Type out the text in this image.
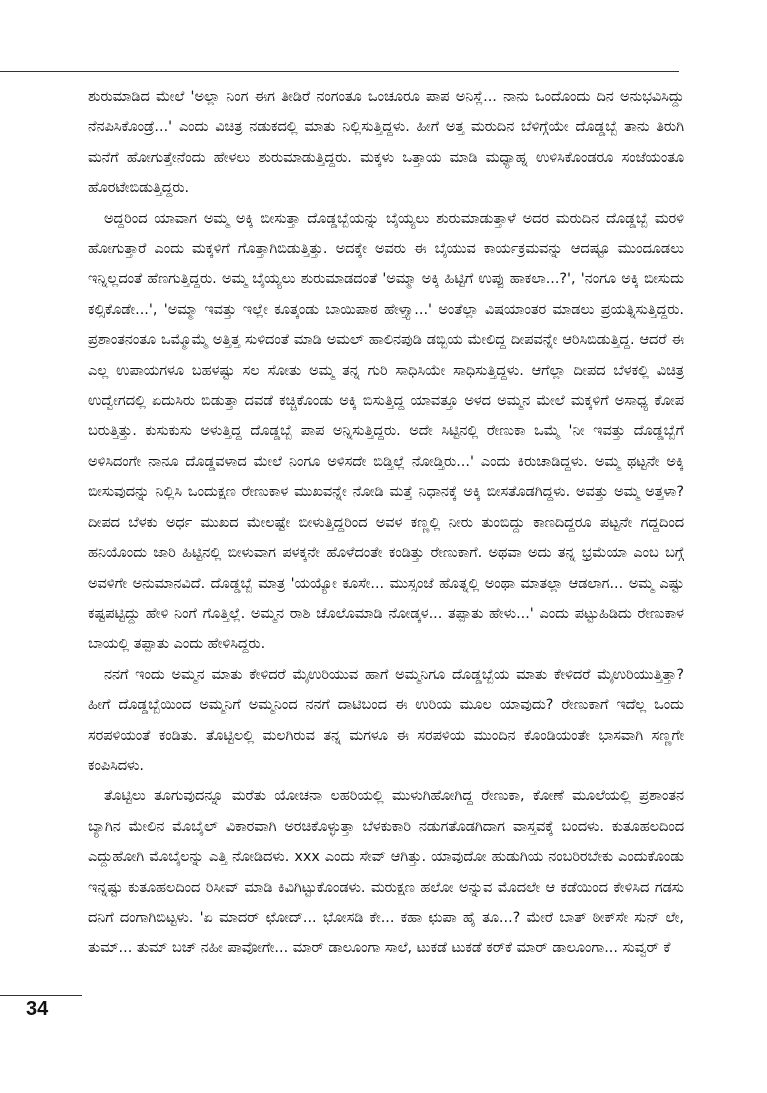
ಶುರುಮಾಡಿದ ಮೇಲೆ 'ಅಲ್ಲಾ ನಿಂಗ ಈಗ ತೀಡಿರೆ ನಂಗಂತೂ ಒಂಚೂರೂ ಪಾಪ ಅನಿಸ್ಲೆ... ನಾನು ಒಂದೊಂದು ದಿನ ಅನುಭವಿಸಿದ್ದು ನೆನಪಿಸಿಕೊಂಡ್ರೆ...' ಎಂದು ವಿಚಿತ್ರ ನಡುಕದಲ್ಲಿ ಮಾತು ನಿಲ್ಲಿಸುತ್ತಿದ್ದಳು. ಹೀಗೆ ಅತ್ತ ಮರುದಿನ ಬೆಳಿಗ್ಗೆಯೇ ದೊಡ್ಡಬ್ಬೆ ತಾನು ತಿರುಗಿ ಮನೆಗೆ ಹೋಗುತ್ತೇನೆಂದು ಹೇಳಲು ಶುರುಮಾಡುತ್ತಿದ್ದರು. ಮಕ್ಕಳು ಒತ್ತಾಯ ಮಾಡಿ ಮಧ್ಯಾಹ್ನ ಉಳಿಸಿಕೊಂಡರೂ ಸಂಜೆಯಂತೂ ಹೊರಟೇಬಿಡುತ್ತಿದ್ದರು.

ಅದ್ದರಿಂದ ಯಾವಾಗ ಅಮ್ಮ ಅಕ್ಕಿ ಬೀಸುತ್ತಾ ದೊಡ್ಡಬ್ಬೆಯನ್ನು ಬೈಯ್ಯಲು ಶುರುಮಾಡುತ್ತಾಳೆ ಅದರ ಮರುದಿನ ದೊಡ್ಡಬ್ಬೆ ಮರಳಿ ಹೋಗುತ್ತಾರೆ ಎಂದು ಮಕ್ಕಳಿಗೆ ಗೊತ್ತಾಗಿಬಿಡುತ್ತಿತ್ತು. ಅದಕ್ಕೇ ಅವರು ಈ ಬೈಯುವ ಕಾರ್ಯಕ್ರಮವನ್ನು ಆದಷ್ಟೂ ಮುಂದೂಡಲು ಇನ್ನಿಲ್ಲದಂತೆ ಹೆಣಗುತ್ತಿದ್ದರು. ಅಮ್ಮ ಬೈಯ್ಯಲು ಶುರುಮಾಡದಂತೆ 'ಅಮ್ಮಾ ಅಕ್ಕಿ ಹಿಟ್ಟಿಗೆ ಉಪ್ಪು ಹಾಕಲಾ...?', 'ನಂಗೂ ಅಕ್ಕಿ ಬೀಸುದು ಕಲ್ಸಿಕೊಡೇ...', 'ಅಮ್ಮಾ ಇವತ್ತು ಇಲ್ಲೇ ಕೂತ್ಕಂಡು ಬಾಯಿಪಾಠ ಹೇಳ್ತ್ಯಾ...' ಅಂತೆಲ್ಲಾ ವಿಷಯಾಂತರ ಮಾಡಲು ಪ್ರಯತ್ನಿಸುತ್ತಿದ್ದರು. ಪ್ರಶಾಂತನಂತೂ ಒಮ್ಮೊಮ್ಮೆ ಅತ್ತಿತ್ತ ಸುಳಿದಂತೆ ಮಾಡಿ ಅಮಲ್ ಹಾಲಿನಪುಡಿ ಡಬ್ಬಿಯ ಮೇಲಿದ್ದ ದೀಪವನ್ನೇ ಆರಿಸಿಬಿಡುತ್ತಿದ್ದ. ಆದರೆ ಈ ಎಲ್ಲ ಉಪಾಯಗಳೂ ಬಹಳಷ್ಟು ಸಲ ಸೋತು ಅಮ್ಮ ತನ್ನ ಗುರಿ ಸಾಧಿಸಿಯೇ ಸಾಧಿಸುತ್ತಿದ್ದಳು. ಆಗೆಲ್ಲಾ ದೀಪದ ಬೆಳಕಲ್ಲಿ ವಿಚಿತ್ರ ಉದ್ವೇಗದಲ್ಲಿ ಏದುಸಿರು ಬಿಡುತ್ತಾ ದವಡೆ ಕಚ್ಚಿಕೊಂಡು ಅಕ್ಕಿ ಬಿಸುತ್ತಿದ್ದ ಯಾವತ್ತೂ ಅಳದ ಅಮ್ಮನ ಮೇಲೆ ಮಕ್ಕಳಿಗೆ ಅಸಾಧ್ಯ ಕೋಪ ಬರುತ್ತಿತ್ತು. ಕುಸುಕುಸು ಅಳುತ್ತಿದ್ದ ದೊಡ್ಡಬ್ಬೆ ಪಾಪ ಅನ್ನಿಸುತ್ತಿದ್ದರು. ಅದೇ ಸಿಟ್ಟಿನಲ್ಲಿ ರೇಣುಕಾ ಒಮ್ಮೆ 'ನೀ ಇವತ್ತು ದೊಡ್ಡಬ್ಬೆಗೆ ಅಳಿಸಿದಂಗೇ ನಾನೂ ದೊಡ್ಡವಳಾದ ಮೇಲೆ ನಿಂಗೂ ಅಳಿಸದೇ ಬಿಡ್ತಿಲ್ಲೆ ನೋಡ್ತಿರು...' ಎಂದು ಕಿರುಚಾಡಿದ್ದಳು. ಅಮ್ಮ ಥಟ್ಟನೇ ಅಕ್ಕಿ ಬೀಸುವುದನ್ನು ನಿಲ್ಲಿಸಿ ಒಂದುಕ್ಷಣ ರೇಣುಕಾಳ ಮುಖವನ್ನೇ ನೋಡಿ ಮತ್ತೆ ನಿಧಾನಕ್ಕೆ ಅಕ್ಕಿ ಬೀಸತೊಡಗಿದ್ದಳು. ಅವತ್ತು ಅಮ್ಮ ಅತ್ತಳಾ? ದೀಪದ ಬೆಳಕು ಅರ್ಧ ಮುಖದ ಮೇಲಷ್ಟೇ ಬೀಳುತ್ತಿದ್ದರಿಂದ ಅವಳ ಕಣ್ಣಲ್ಲಿ ನೀರು ತುಂಬಿದ್ದು ಕಾಣದಿದ್ದರೂ ಪಟ್ಟನೇ ಗದ್ದದಿಂದ ಹನಿಯೊಂದು ಜಾರಿ ಹಿಟ್ಟಿನಲ್ಲಿ ಬೀಳುವಾಗ ಪಳಕ್ಕನೇ ಹೊಳೆದಂತೇ ಕಂಡಿತ್ತು ರೇಣುಕಾಗೆ. ಅಥವಾ ಅದು ತನ್ನ ಭ್ರಮೆಯಾ ಎಂಬ ಬಗ್ಗೆ ಅವಳಿಗೇ ಅನುಮಾನವಿದೆ. ದೊಡ್ಡಬ್ಬೆ ಮಾತ್ರ 'ಯಯ್ಯೋ ಕೂಸೇ... ಮುಸ್ಸಂಜೆ ಹೊತ್ನಲ್ಲಿ ಅಂಥಾ ಮಾತಲ್ಲಾ ಆಡಲಾಗ... ಅಮ್ಮ ಎಷ್ಟು ಕಷ್ಟಪಟ್ಟಿದ್ದು ಹೇಳಿ ನಿಂಗೆ ಗೊತ್ತಿಲ್ಲೆ. ಅಮ್ಮನ ರಾಶಿ ಚೊಲೊಮಾಡಿ ನೋಡ್ಕಳ... ತಪ್ಪಾತು ಹೇಳು...' ಎಂದು ಪಟ್ಟುಹಿಡಿದು ರೇಣುಕಾಳ ಬಾಯಲ್ಲಿ ತಪ್ಪಾತು ಎಂದು ಹೇಳಿಸಿದ್ದರು.

ನನಗೆ ಇಂದು ಅಮ್ಮನ ಮಾತು ಕೇಳಿದರೆ ಮೈಉರಿಯುವ ಹಾಗೆ ಅಮ್ಮನಿಗೂ ದೊಡ್ಡಬ್ಬೆಯ ಮಾತು ಕೇಳಿದರೆ ಮೈಉರಿಯುತ್ತಿತ್ತಾ? ಹೀಗೆ ದೊಡ್ಡಬ್ಬೆಯಿಂದ ಅಮ್ಮನಿಗೆ ಅಮ್ಮನಿಂದ ನನಗೆ ದಾಟಿಬಂದ ಈ ಉರಿಯ ಮೂಲ ಯಾವುದು? ರೇಣುಕಾಗೆ ಇದೆಲ್ಲ ಒಂದು ಸರಪಳಿಯಂತೆ ಕಂಡಿತು. ತೊಟ್ಟಿಲಲ್ಲಿ ಮಲಗಿರುವ ತನ್ನ ಮಗಳೂ ಈ ಸರಪಳಿಯ ಮುಂದಿನ ಕೊಂಡಿಯಂತೇ ಭಾಸವಾಗಿ ಸಣ್ಣಗೇ ಕಂಪಿಸಿದಳು.

ತೊಟ್ಟಿಲು ತೂಗುವುದನ್ನೂ ಮರೆತು ಯೋಚನಾ ಲಹರಿಯಲ್ಲಿ ಮುಳುಗಿಹೋಗಿದ್ದ ರೇಣುಕಾ, ಕೋಣೆ ಮೂಲೆಯಲ್ಲಿ ಪ್ರಶಾಂತನ ಬ್ಯಾಗಿನ ಮೇಲಿನ ಮೊಬೈಲ್ ವಿಕಾರವಾಗಿ ಅರಚಿಕೊಳ್ಳುತ್ತಾ ಬೆಳಕುಕಾರಿ ನಡುಗತೊಡಗಿದಾಗ ವಾಸ್ತವಕ್ಕೆ ಬಂದಳು. ಕುತೂಹಲದಿಂದ ಎದ್ದುಹೋಗಿ ಮೊಬೈಲನ್ನು ಎತ್ತಿ ನೋಡಿದಳು. xxx ಎಂದು ಸೇವ್ ಆಗಿತ್ತು. ಯಾವುದೋ ಹುಡುಗಿಯ ನಂಬರಿರಬೇಕು ಎಂದುಕೊಂಡು ಇನ್ನಷ್ಟು ಕುತೂಹಲದಿಂದ ರಿಸೀವ್ ಮಾಡಿ ಕಿವಿಗಿಟ್ಟುಕೊಂಡಳು. ಮರುಕ್ಷಣ ಹಲೋ ಅನ್ನುವ ಮೊದಲೇ ಆ ಕಡೆಯಿಂದ ಕೇಳಿಸಿದ ಗಡಸು ದನಿಗೆ ದಂಗಾಗಿಬಿಟ್ಟಳು. 'ಏ ಮಾದರ್ ಛೋದ್... ಭೋಸಡಿ ಕೇ... ಕಹಾ ಛುಪಾ ಹೈ ತೂ...? ಮೇರೆ ಬಾತ್ ಠೀಕ್‌ಸೇ ಸುನ್ ಲೇ, ತುಮ್... ತುಮ್ ಬಚ್ ನಹೀ ಪಾವೋಗೇ... ಮಾರ್ ಡಾಲೂಂಗಾ ಸಾಲೆ, ಟುಕಡೆ ಟುಕಡೆ ಕರ್‌ಕೆ ಮಾರ್ ಡಾಲೂಂಗಾ... ಸುವ್ವರ್ ಕೆ

34
